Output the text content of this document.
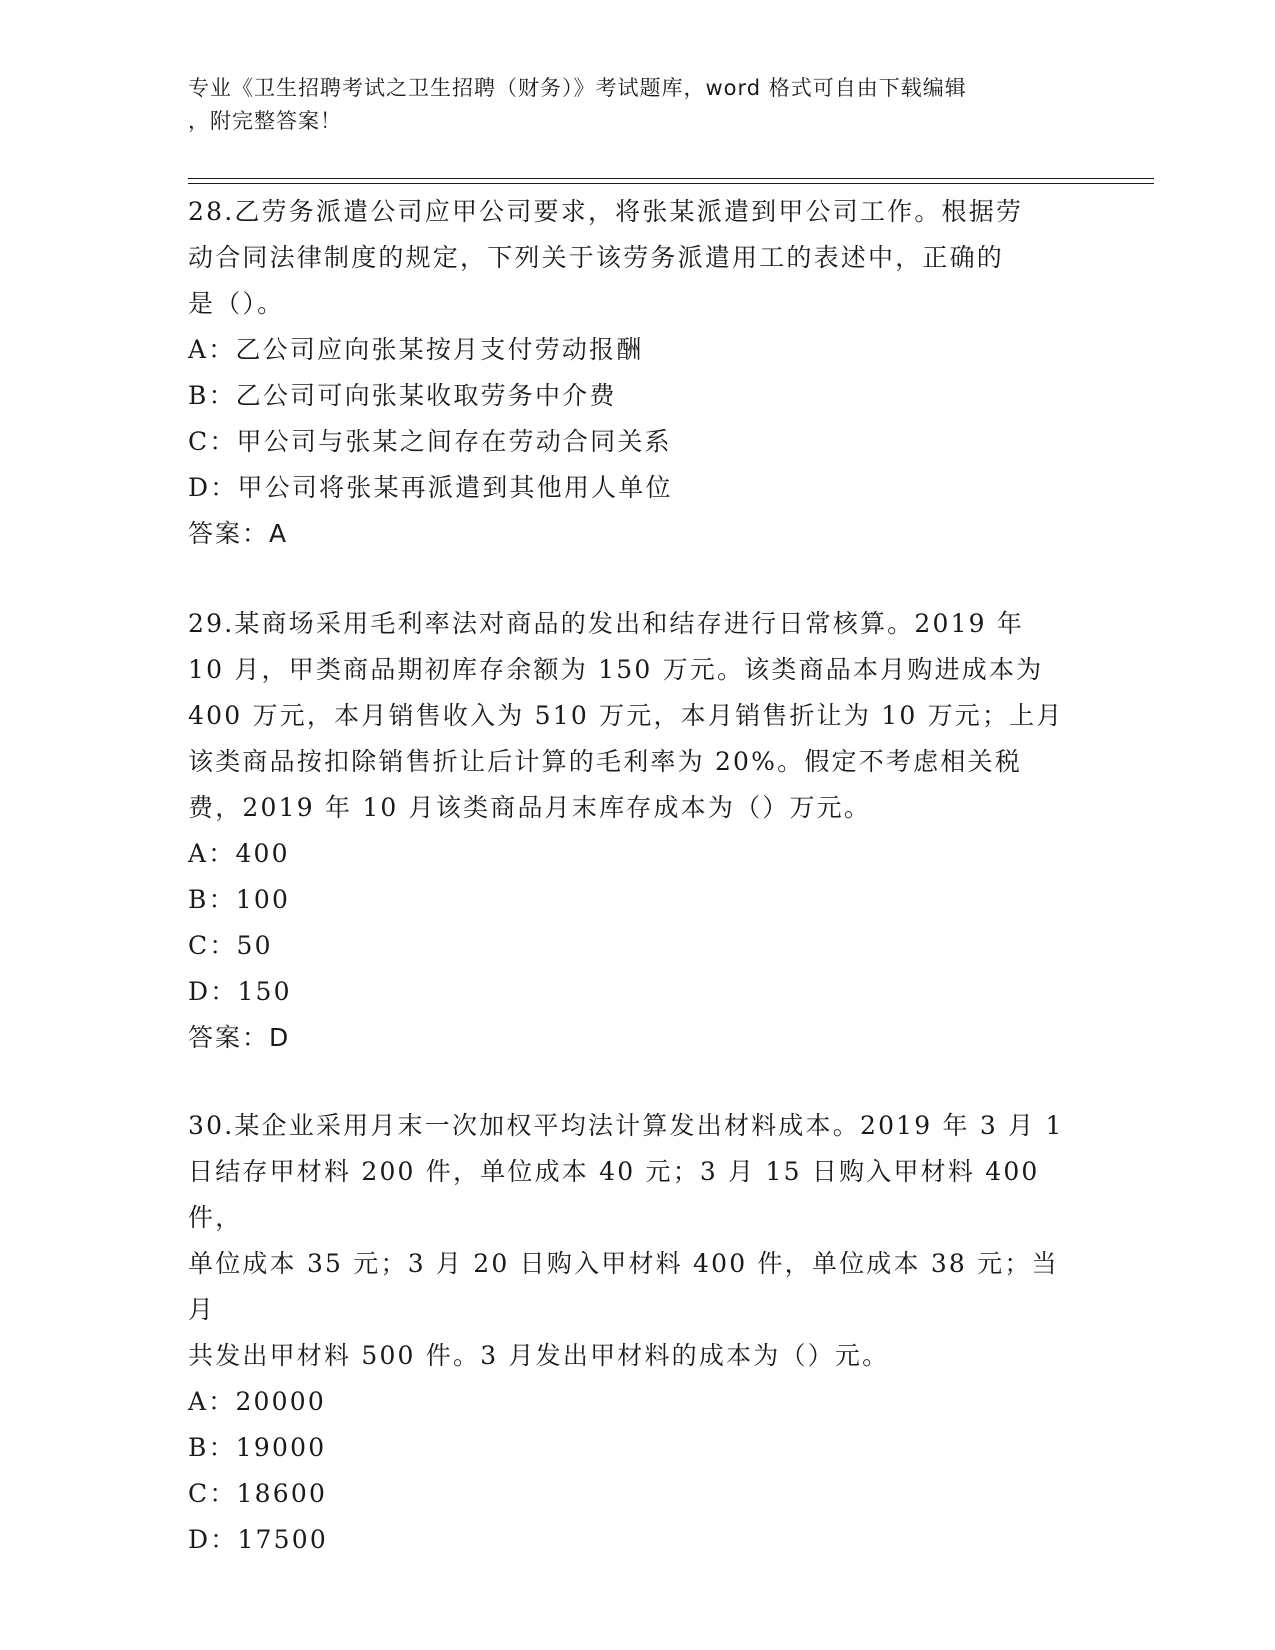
专业《卫生招聘考试之卫生招聘（财务）》考试题库，word 格式可自由下载编辑
，附完整答案！
28.乙劳务派遣公司应甲公司要求，将张某派遣到甲公司工作。根据劳
动合同法律制度的规定，下列关于该劳务派遣用工的表述中，正确的
是（）。
A：乙公司应向张某按月支付劳动报酬
B：乙公司可向张某收取劳务中介费
C：甲公司与张某之间存在劳动合同关系
D：甲公司将张某再派遣到其他用人单位
答案：A
29.某商场采用毛利率法对商品的发出和结存进行日常核算。2019 年
10 月，甲类商品期初库存余额为 150 万元。该类商品本月购进成本为
400 万元，本月销售收入为 510 万元，本月销售折让为 10 万元；上月
该类商品按扣除销售折让后计算的毛利率为 20%。假定不考虑相关税
费，2019 年 10 月该类商品月末库存成本为（）万元。
A：400
B：100
C：50
D：150
答案：D
30.某企业采用月末一次加权平均法计算发出材料成本。2019 年 3 月 1
日结存甲材料 200 件，单位成本 40 元；3 月 15 日购入甲材料 400 件，
单位成本 35 元；3 月 20 日购入甲材料 400 件，单位成本 38 元；当月
共发出甲材料 500 件。3 月发出甲材料的成本为（）元。
A：20000
B：19000
C：18600
D：17500
